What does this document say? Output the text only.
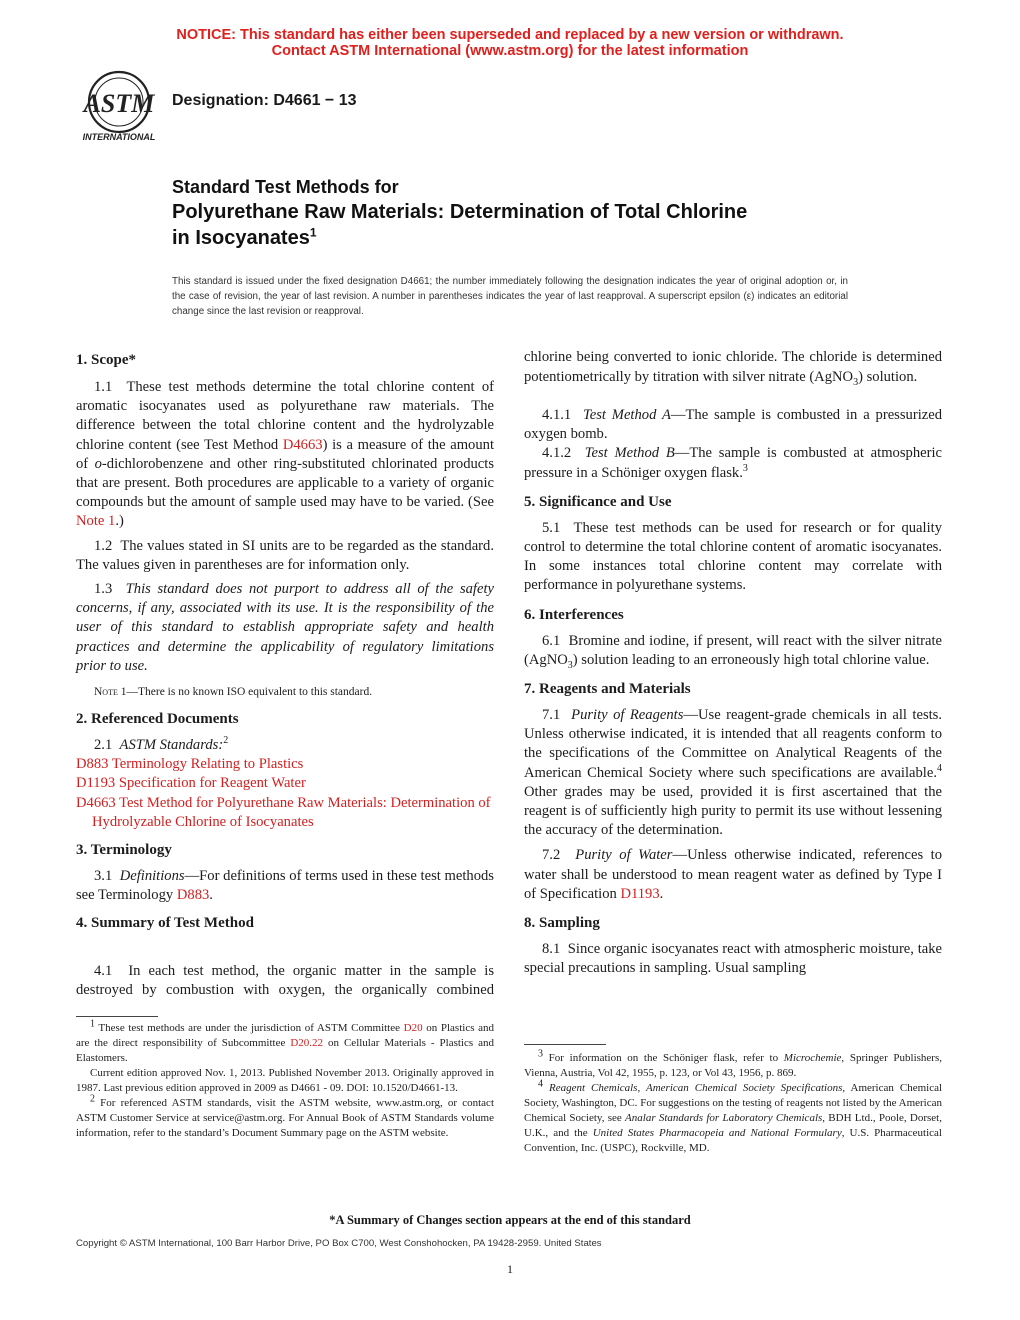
NOTICE: This standard has either been superseded and replaced by a new version or withdrawn.
Contact ASTM International (www.astm.org) for the latest information
ASTM
INTERNATIONAL
Designation: D4661 − 13
Standard Test Methods for
Polyurethane Raw Materials: Determination of Total Chlorine
in Isocyanates$^1$
This standard is issued under the fixed designation D4661; the number immediately following the designation indicates the year of original adoption or, in the case of revision, the year of last revision. A number in parentheses indicates the year of last reapproval. A superscript epsilon (ε) indicates an editorial change since the last revision or reapproval.
1. Scope*

1.1 These test methods determine the total chlorine content of aromatic isocyanates used as polyurethane raw materials. The difference between the total chlorine content and the hydrolyzable chlorine content (see Test Method D4663) is a measure of the amount of o-dichlorobenzene and other ring-substituted chlorinated products that are present. Both procedures are applicable to a variety of organic compounds but the amount of sample used may have to be varied. (See Note 1.)

1.2 The values stated in SI units are to be regarded as the standard. The values given in parentheses are for information only.

1.3 This standard does not purport to address all of the safety concerns, if any, associated with its use. It is the responsibility of the user of this standard to establish appropriate safety and health practices and determine the applicability of regulatory limitations prior to use.

Note 1—There is no known ISO equivalent to this standard.

2. Referenced Documents

2.1 ASTM Standards:$^2$

D883 Terminology Relating to Plastics

D1193 Specification for Reagent Water

D4663 Test Method for Polyurethane Raw Materials: Determination of Hydrolyzable Chlorine of Isocyanates

3. Terminology

3.1 Definitions—For definitions of terms used in these test methods see Terminology D883.

4. Summary of Test Method

4.1 In each test method, the organic matter in the sample is destroyed by combustion with oxygen, the organically combined

$^1$ These test methods are under the jurisdiction of ASTM Committee D20 on Plastics and are the direct responsibility of Subcommittee D20.22 on Cellular Materials - Plastics and Elastomers.

Current edition approved Nov. 1, 2013. Published November 2013. Originally approved in 1987. Last previous edition approved in 2009 as D4661 - 09. DOI: 10.1520/D4661-13.

$^2$ For referenced ASTM standards, visit the ASTM website, www.astm.org, or contact ASTM Customer Service at service@astm.org. For Annual Book of ASTM Standards volume information, refer to the standard’s Document Summary page on the ASTM website.

chlorine being converted to ionic chloride. The chloride is determined potentiometrically by titration with silver nitrate (AgNO$_3$) solution.

4.1.1 Test Method A—The sample is combusted in a pressurized oxygen bomb.

4.1.2 Test Method B—The sample is combusted at atmospheric pressure in a Schöniger oxygen flask.$^3$

5. Significance and Use

5.1 These test methods can be used for research or for quality control to determine the total chlorine content of aromatic isocyanates. In some instances total chlorine content may correlate with performance in polyurethane systems.

6. Interferences

6.1 Bromine and iodine, if present, will react with the silver nitrate (AgNO$_3$) solution leading to an erroneously high total chlorine value.

7. Reagents and Materials

7.1 Purity of Reagents—Use reagent-grade chemicals in all tests. Unless otherwise indicated, it is intended that all reagents conform to the specifications of the Committee on Analytical Reagents of the American Chemical Society where such specifications are available.$^4$ Other grades may be used, provided it is first ascertained that the reagent is of sufficiently high purity to permit its use without lessening the accuracy of the determination.

7.2 Purity of Water—Unless otherwise indicated, references to water shall be understood to mean reagent water as defined by Type I of Specification D1193.

8. Sampling

8.1 Since organic isocyanates react with atmospheric moisture, take special precautions in sampling. Usual sampling

$^3$ For information on the Schöniger flask, refer to Microchemie, Springer Publishers, Vienna, Austria, Vol 42, 1955, p. 123, or Vol 43, 1956, p. 869.

$^4$ Reagent Chemicals, American Chemical Society Specifications, American Chemical Society, Washington, DC. For suggestions on the testing of reagents not listed by the American Chemical Society, see Analar Standards for Laboratory Chemicals, BDH Ltd., Poole, Dorset, U.K., and the United States Pharmacopeia and National Formulary, U.S. Pharmaceutical Convention, Inc. (USPC), Rockville, MD.

*A Summary of Changes section appears at the end of this standard
Copyright © ASTM International, 100 Barr Harbor Drive, PO Box C700, West Conshohocken, PA 19428-2959. United States
1
